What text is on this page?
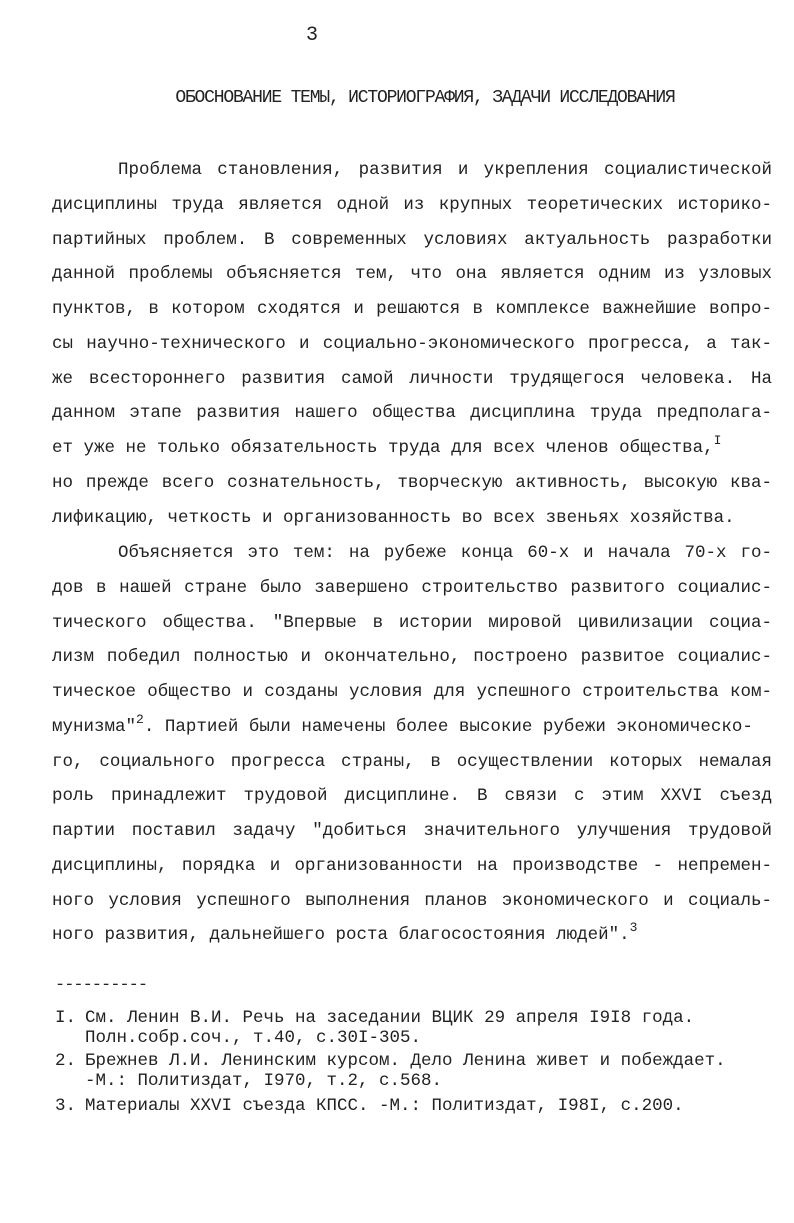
3
ОБОСНОВАНИЕ ТЕМЫ, ИСТОРИОГРАФИЯ, ЗАДАЧИ ИССЛЕДОВАНИЯ
Проблема становления, развития и укрепления социалистической
дисциплины труда является одной из крупных теоретических историко-
партийных проблем. В современных условиях актуальность разработки
данной проблемы объясняется тем, что она является одним из узловых
пунктов, в котором сходятся и решаются в комплексе важнейшие вопро-
сы научно-технического и социально-экономического прогресса, а так-
же всестороннего развития самой личности трудящегося человека. На
данном этапе развития нашего общества дисциплина труда предполага-
ет уже не только обязательность труда для всех членов общества,$^I$
но прежде всего сознательность, творческую активность, высокую ква-
лификацию, четкость и организованность во всех звеньях хозяйства.
Объясняется это тем: на рубеже конца 60-х и начала 70-х го-
дов в нашей стране было завершено строительство развитого социалис-
тического общества. "Впервые в истории мировой цивилизации социа-
лизм победил полностью и окончательно, построено развитое социалис-
тическое общество и созданы условия для успешного строительства ком-
мунизма"$^2$. Партией были намечены более высокие рубежи экономическо-
го, социального прогресса страны, в осуществлении которых немалая
роль принадлежит трудовой дисциплине. В связи с этим XXVI съезд
партии поставил задачу "добиться значительного улучшения трудовой
дисциплины, порядка и организованности на производстве - непремен-
ного условия успешного выполнения планов экономического и социаль-
ного развития, дальнейшего роста благосостояния людей".$^3$
----------
I. См. Ленин В.И. Речь на заседании ВЦИК 29 апреля I9I8 года.
Полн.собр.соч., т.40, с.30I-305.
2. Брежнев Л.И. Ленинским курсом. Дело Ленина живет и побеждает.
-М.: Политиздат, I970, т.2, с.568.
3. Материалы XXVI съезда КПСС. -М.: Политиздат, I98I, с.200.
